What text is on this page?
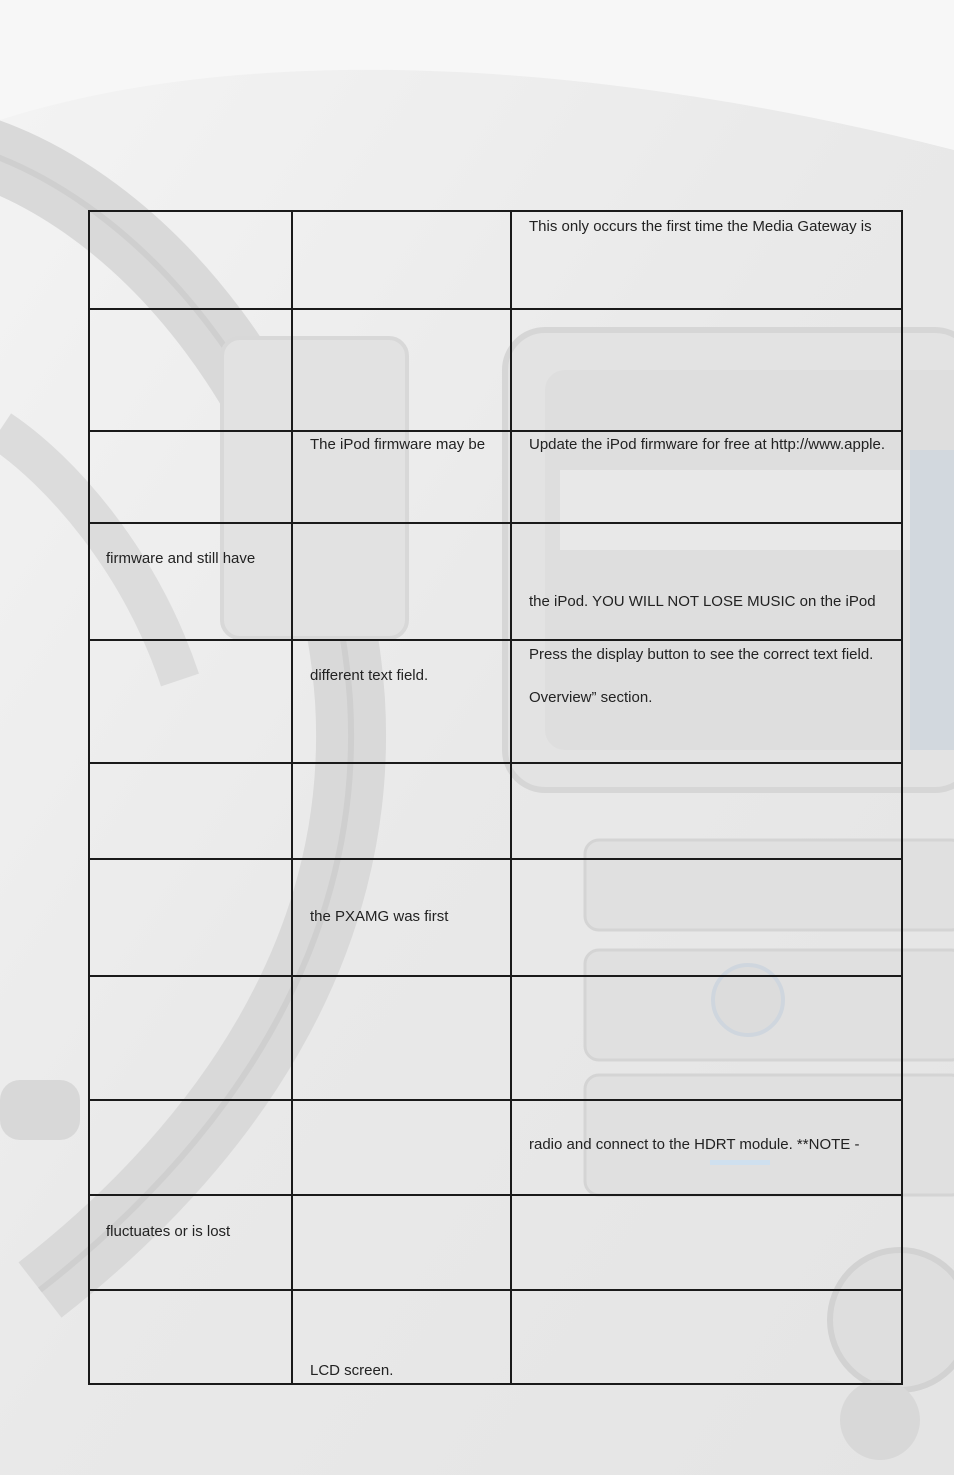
This only occurs the first time the Media Gateway is
The iPod firmware may be	Update the iPod firmware for free at http://www.apple.
firmware and still have
the iPod. YOU WILL NOT LOSE MUSIC on the iPod
different text field.
Press the display button to see the correct text field.
Overview” section.
the PXAMG was first
radio and connect to the HDRT module. **NOTE -
fluctuates or is lost
LCD screen.
